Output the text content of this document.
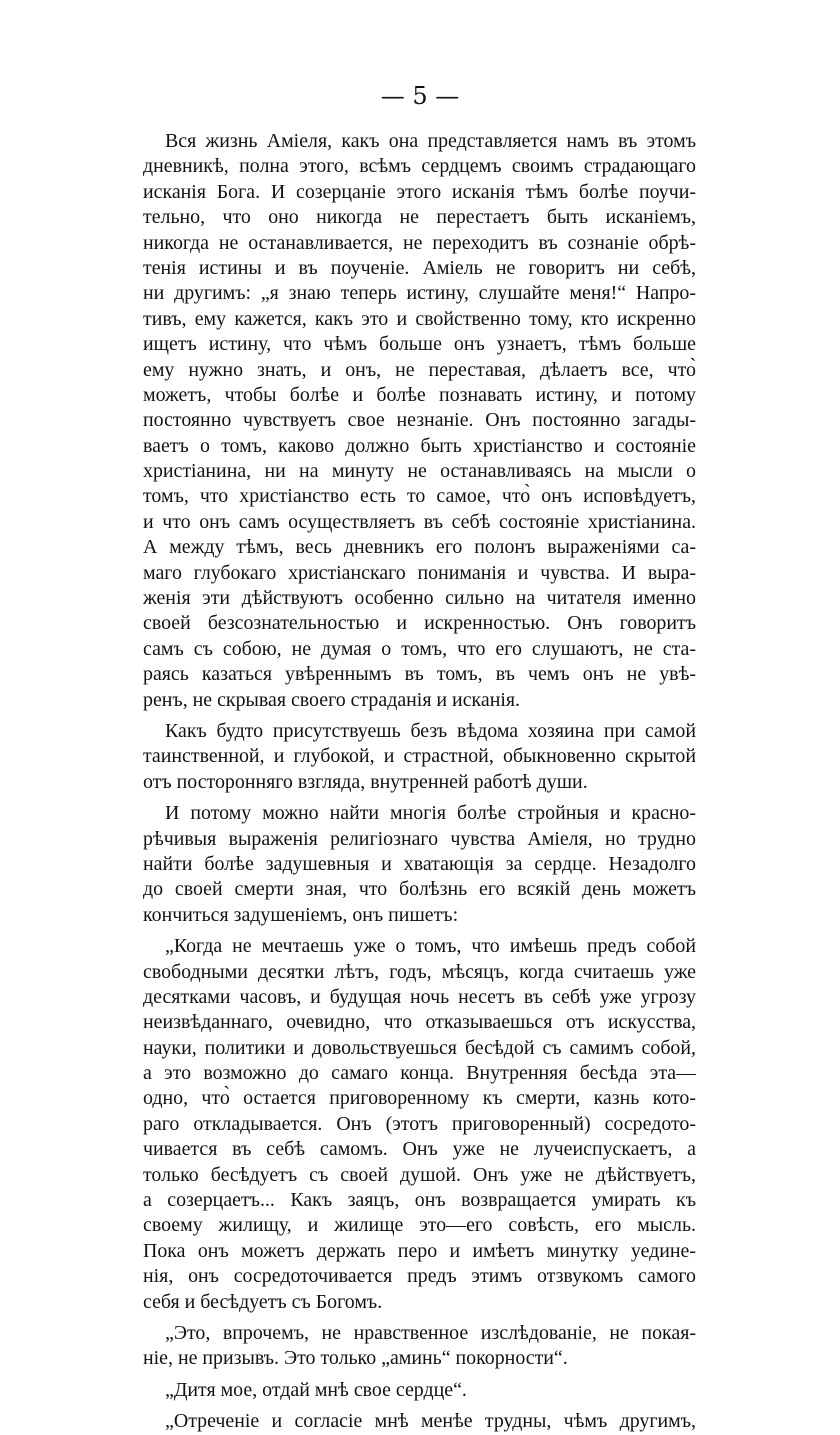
— 5 —
Вся жизнь Амiеля, какъ она представляется намъ въ этомъ
дневникѣ, полна этого, всѣмъ сердцемъ своимъ страдающаго
исканiя Бога. И созерцанiе этого исканiя тѣмъ болѣе поучи-
тельно, что оно никогда не перестаетъ быть исканiемъ,
никогда не останавливается, не переходитъ въ сознанiе обрѣ-
тенiя истины и въ поученiе. Амiель не говоритъ ни себѣ,
ни другимъ: „я знаю теперь истину, слушайте меня!“ Напро-
тивъ, ему кажется, какъ это и свойственно тому, кто искренно
ищетъ истину, что чѣмъ больше онъ узнаетъ, тѣмъ больше
ему нужно знать, и онъ, не переставая, дѣлаетъ все, что̀
можетъ, чтобы болѣе и болѣе познавать истину, и потому
постоянно чувствуетъ свое незнанiе. Онъ постоянно загады-
ваетъ о томъ, каково должно быть христiанство и состоянiе
христiанина, ни на минуту не останавливаясь на мысли о
томъ, что христiанство есть то самое, что̀ онъ исповѣдуетъ,
и что онъ самъ осуществляетъ въ себѣ состоянiе христiанина.
А между тѣмъ, весь дневникъ его полонъ выраженiями са-
маго глубокаго христiанскаго пониманiя и чувства. И выра-
женiя эти дѣйствуютъ особенно сильно на читателя именно
своей безсознательностью и искренностью. Онъ говоритъ
самъ съ собою, не думая о томъ, что его слушаютъ, не ста-
раясь казаться увѣреннымъ въ томъ, въ чемъ онъ не увѣ-
ренъ, не скрывая своего страданiя и исканiя.
Какъ будто присутствуешь безъ вѣдома хозяина при самой
таинственной, и глубокой, и страстной, обыкновенно скрытой
отъ посторонняго взгляда, внутренней работѣ души.
И потому можно найти многiя болѣе стройныя и красно-
рѣчивыя выраженiя религiознаго чувства Амiеля, но трудно
найти болѣе задушевныя и хватающiя за сердце. Незадолго
до своей смерти зная, что болѣзнь его всякiй день можетъ
кончиться задушенiемъ, онъ пишетъ:
„Когда не мечтаешь уже о томъ, что имѣешь предъ собой
свободными десятки лѣтъ, годъ, мѣсяцъ, когда считаешь уже
десятками часовъ, и будущая ночь несетъ въ себѣ уже угрозу
неизвѣданнаго, очевидно, что отказываешься отъ искусства,
науки, политики и довольствуешься бесѣдой съ самимъ собой,
а это возможно до самаго конца. Внутренняя бесѣда эта—
одно, что̀ остается приговоренному къ смерти, казнь кото-
раго откладывается. Онъ (этотъ приговоренный) сосредото-
чивается въ себѣ самомъ. Онъ уже не лучеиспускаетъ, а
только бесѣдуетъ съ своей душой. Онъ уже не дѣйствуетъ,
а созерцаетъ... Какъ заяцъ, онъ возвращается умирать къ
своему жилищу, и жилище это—его совѣсть, его мысль.
Пока онъ можетъ держать перо и имѣетъ минутку уедине-
нiя, онъ сосредоточивается предъ этимъ отзвукомъ самого
себя и бесѣдуетъ съ Богомъ.
„Это, впрочемъ, не нравственное изслѣдованiе, не покая-
нiе, не призывъ. Это только „аминь“ покорности“.
„Дитя мое, отдай мнѣ свое сердце“.
„Отреченiе и согласiе мнѣ менѣе трудны, чѣмъ другимъ,
